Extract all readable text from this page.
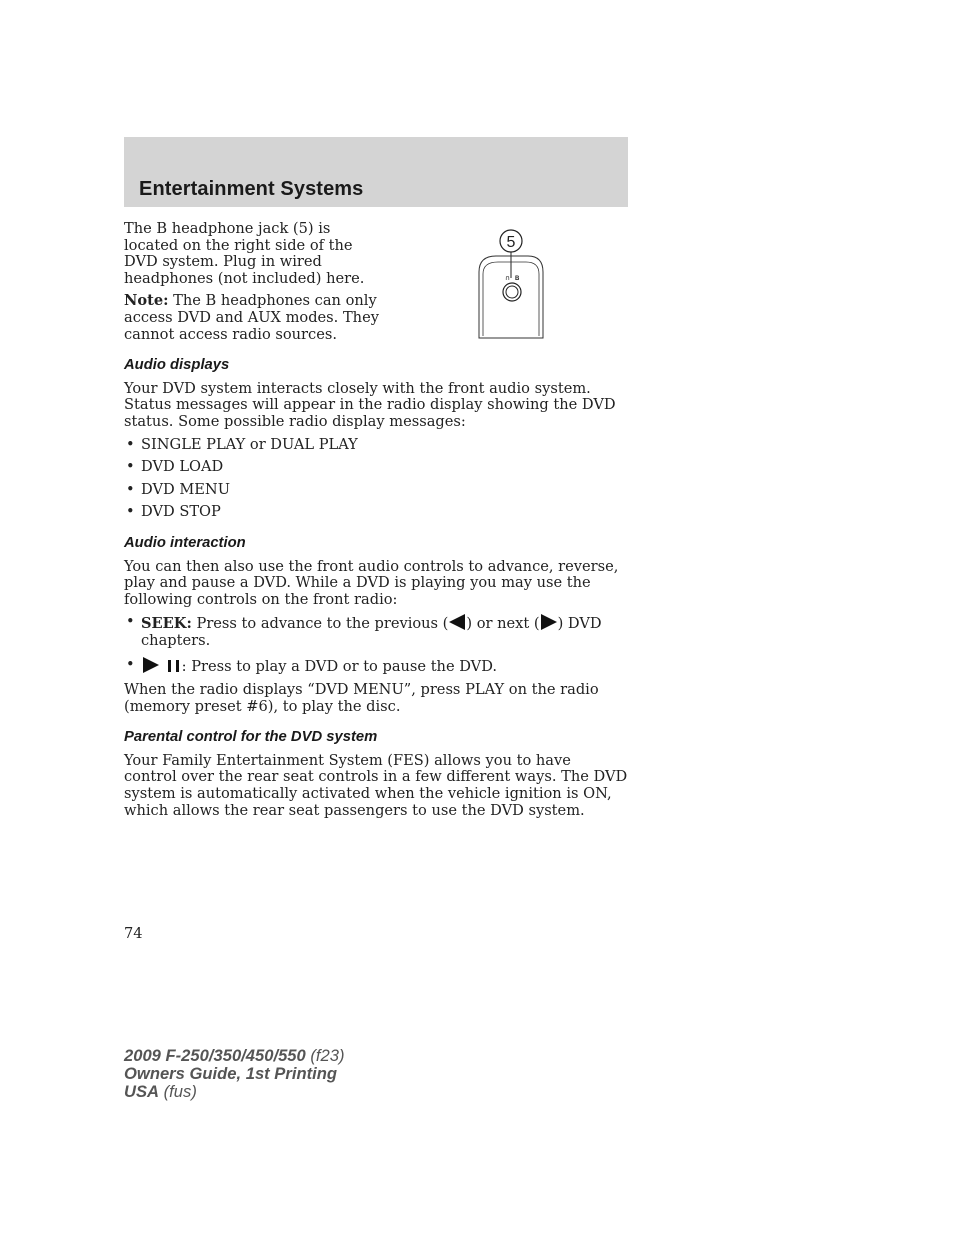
Entertainment Systems
5
∩ B

The B headphone jack (5) is located on the right side of the DVD system. Plug in wired headphones (not included) here.

Note: The B headphones can only access DVD and AUX modes. They cannot access radio sources.

Audio displays

Your DVD system interacts closely with the front audio system. Status messages will appear in the radio display showing the DVD status. Some possible radio display messages:

• SINGLE PLAY or DUAL PLAY
• DVD LOAD
• DVD MENU
• DVD STOP
Audio interaction

You can then also use the front audio controls to advance, reverse, play and pause a DVD. While a DVD is playing you may use the following controls on the front radio:

• SEEK: Press to advance to the previous ( ) or next ( ) DVD chapters.
• : Press to play a DVD or to pause the DVD.

When the radio displays “DVD MENU”, press PLAY on the radio (memory preset #6), to play the disc.

Parental control for the DVD system

Your Family Entertainment System (FES) allows you to have control over the rear seat controls in a few different ways. The DVD system is automatically activated when the vehicle ignition is ON, which allows the rear seat passengers to use the DVD system.

74
2009 F-250/350/450/550 (f23)
Owners Guide, 1st Printing
USA (fus)
